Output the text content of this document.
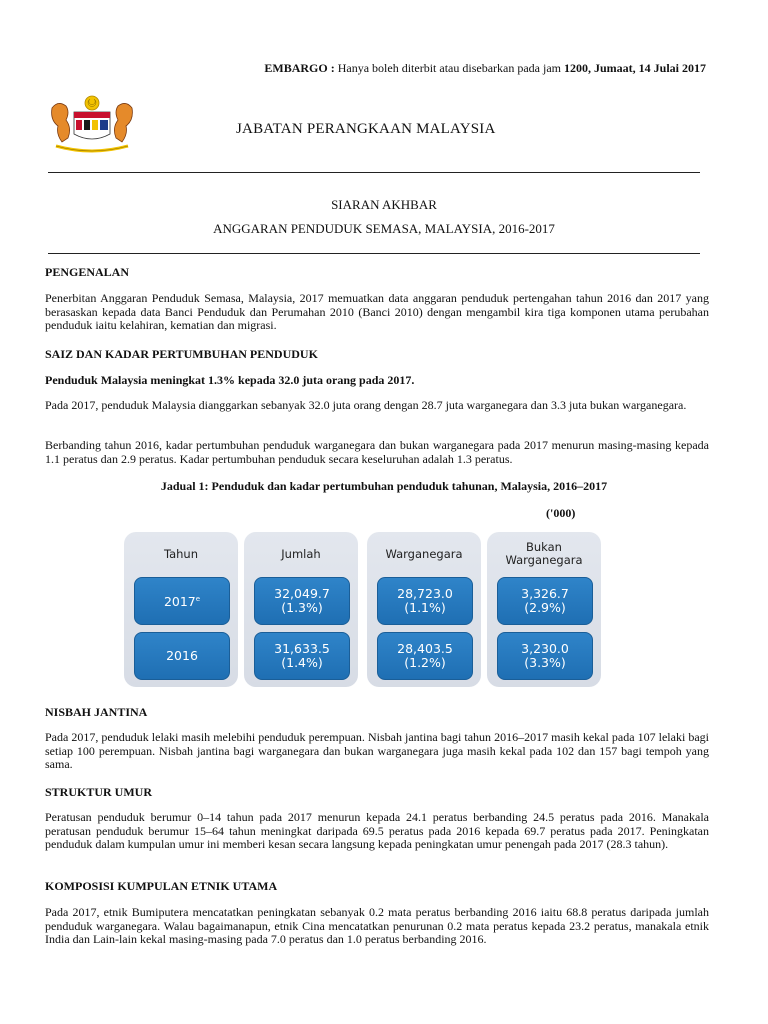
EMBARGO : Hanya boleh diterbit atau disebarkan pada jam 1200, Jumaat, 14 Julai 2017
JABATAN PERANGKAAN MALAYSIA
SIARAN AKHBAR
ANGGARAN PENDUDUK SEMASA, MALAYSIA, 2016-2017
PENGENALAN
Penerbitan Anggaran Penduduk Semasa, Malaysia, 2017 memuatkan data anggaran penduduk pertengahan tahun 2016 dan 2017 yang berasaskan kepada data Banci Penduduk dan Perumahan 2010 (Banci 2010) dengan mengambil kira tiga komponen utama perubahan penduduk iaitu kelahiran, kematian dan migrasi.
SAIZ DAN KADAR PERTUMBUHAN PENDUDUK
Penduduk Malaysia meningkat 1.3% kepada 32.0 juta orang pada 2017.
Pada 2017, penduduk Malaysia dianggarkan sebanyak 32.0 juta orang dengan 28.7 juta warganegara dan 3.3 juta bukan warganegara.
Berbanding tahun 2016, kadar pertumbuhan penduduk warganegara dan bukan warganegara pada 2017 menurun masing-masing kepada 1.1 peratus dan 2.9 peratus. Kadar pertumbuhan penduduk secara keseluruhan adalah 1.3 peratus.
Jadual 1: Penduduk dan kadar pertumbuhan penduduk tahunan, Malaysia, 2016–2017
('000)
Tahun
2017e
2016
Jumlah
32,049.7
(1.3%)
31,633.5
(1.4%)
Warganegara
28,723.0
(1.1%)
28,403.5
(1.2%)
Bukan
Warganegara
3,326.7
(2.9%)
3,230.0
(3.3%)
NISBAH JANTINA
Pada 2017, penduduk lelaki masih melebihi penduduk perempuan. Nisbah jantina bagi tahun 2016–2017 masih kekal pada 107 lelaki bagi setiap 100 perempuan. Nisbah jantina bagi warganegara dan bukan warganegara juga masih kekal pada 102 dan 157 bagi tempoh yang sama.
STRUKTUR UMUR
Peratusan penduduk berumur 0–14 tahun pada 2017 menurun kepada 24.1 peratus berbanding 24.5 peratus pada 2016. Manakala peratusan penduduk berumur 15–64 tahun meningkat daripada 69.5 peratus pada 2016 kepada 69.7 peratus pada 2017. Peningkatan penduduk dalam kumpulan umur ini memberi kesan secara langsung kepada peningkatan umur penengah pada 2017 (28.3 tahun).
KOMPOSISI KUMPULAN ETNIK UTAMA
Pada 2017, etnik Bumiputera mencatatkan peningkatan sebanyak 0.2 mata peratus berbanding 2016 iaitu 68.8 peratus daripada jumlah penduduk warganegara. Walau bagaimanapun, etnik Cina mencatatkan penurunan 0.2 mata peratus kepada 23.2 peratus, manakala etnik India dan Lain-lain kekal masing-masing pada 7.0 peratus dan 1.0 peratus berbanding 2016.
